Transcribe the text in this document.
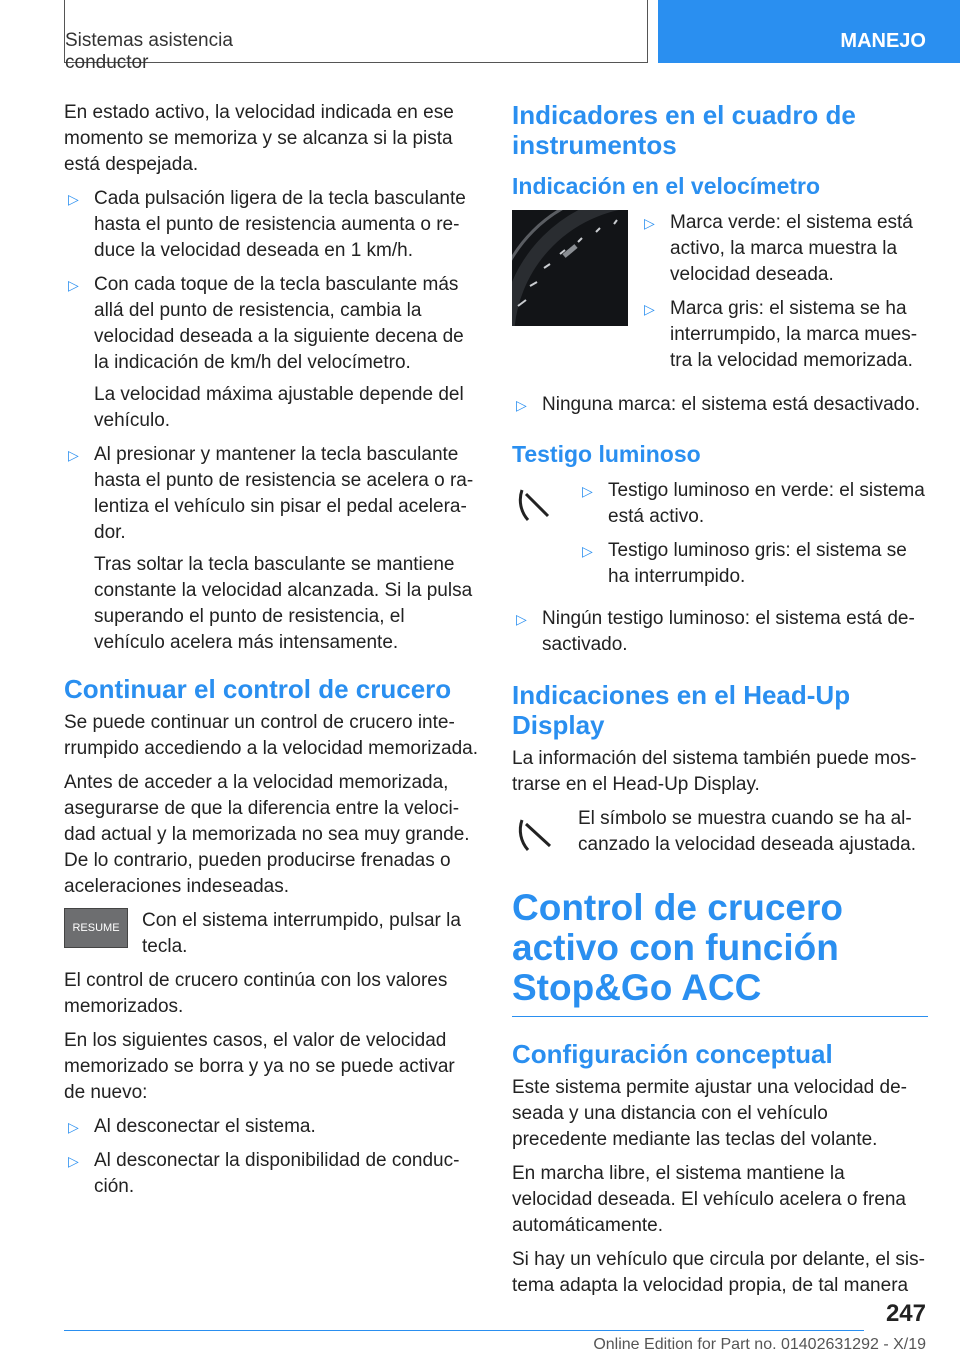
Sistemas asistencia conductor
MANEJO

En estado activo, la velocidad indicada en ese momento se memoriza y se alcanza si la pista está despejada.

▷ Cada pulsación ligera de la tecla basculante hasta el punto de resistencia aumenta o reduce la velocidad deseada en 1 km/h.
▷ Con cada toque de la tecla basculante más allá del punto de resistencia, cambia la velocidad deseada a la siguiente decena de la indicación de km/h del velocímetro.

La velocidad máxima ajustable depende del vehículo.

▷ Al presionar y mantener la tecla basculante hasta el punto de resistencia se acelera o ralentiza el vehículo sin pisar el pedal acelerador.

Tras soltar la tecla basculante se mantiene constante la velocidad alcanzada. Si la pulsa superando el punto de resistencia, el vehículo acelera más intensamente.

Continuar el control de crucero

Se puede continuar un control de crucero interrumpido accediendo a la velocidad memorizada.

Antes de acceder a la velocidad memorizada, asegurarse de que la diferencia entre la velocidad actual y la memorizada no sea muy grande. De lo contrario, pueden producirse frenadas o aceleraciones indeseadas.

RESUME	Con el sistema interrumpido, pulsar la tecla.

El control de crucero continúa con los valores memorizados.

En los siguientes casos, el valor de velocidad memorizado se borra y ya no se puede activar de nuevo:

▷ Al desconectar el sistema.
▷ Al desconectar la disponibilidad de conducción.
Indicadores en el cuadro de instrumentos
Indicación en el velocímetro
▷ Marca verde: el sistema está activo, la marca muestra la velocidad deseada.
▷ Marca gris: el sistema se ha interrumpido, la marca muestra la velocidad memorizada.
▷ Ninguna marca: el sistema está desactivado.
Testigo luminoso
▷ Testigo luminoso en verde: el sistema está activo.
▷ Testigo luminoso gris: el sistema se ha interrumpido.
▷ Ningún testigo luminoso: el sistema está desactivado.
Indicaciones en el Head-Up Display

La información del sistema también puede mostrarse en el Head-Up Display.

El símbolo se muestra cuando se ha alcanzado la velocidad deseada ajustada.

Control de crucero activo con función Stop&Go ACC
Configuración conceptual

Este sistema permite ajustar una velocidad deseada y una distancia con el vehículo precedente mediante las teclas del volante.

En marcha libre, el sistema mantiene la velocidad deseada. El vehículo acelera o frena automáticamente.

Si hay un vehículo que circula por delante, el sistema adapta la velocidad propia, de tal manera

247
Online Edition for Part no. 01402631292 - X/19
